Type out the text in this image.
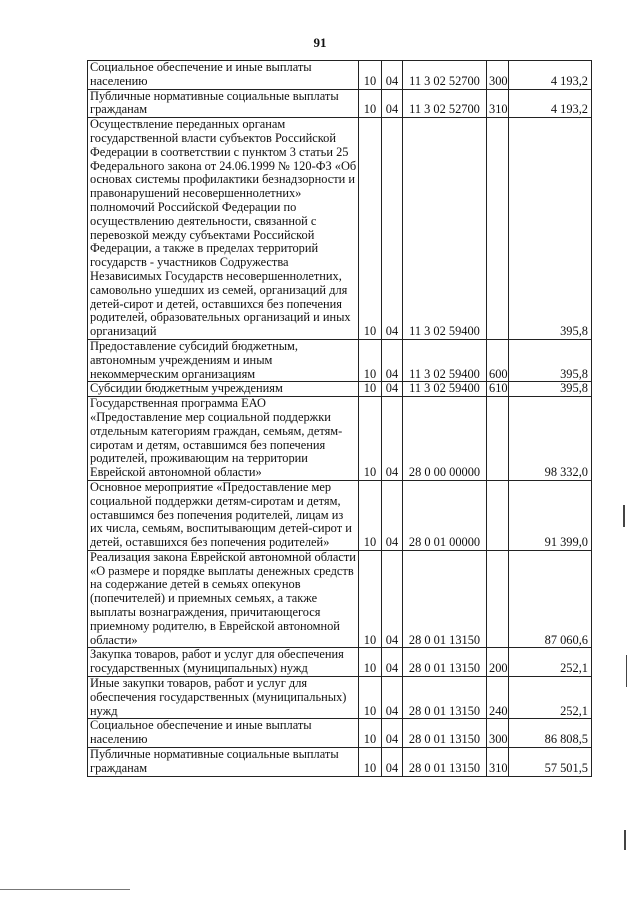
91
Социальное обеспечение и иные выплаты населению	10	04	11 3 02 52700	300	4 193,2
Публичные нормативные социальные выплаты гражданам	10	04	11 3 02 52700	310	4 193,2
Осуществление переданных органам государственной власти субъектов Российской Федерации в соответствии с пунктом 3 статьи 25 Федерального закона от 24.06.1999 № 120-ФЗ «Об основах системы профилактики безнадзорности и правонарушений несовершеннолетних» полномочий Российской Федерации по осуществлению деятельности, связанной с перевозкой между субъектами Российской Федерации, а также в пределах территорий государств - участников Содружества Независимых Государств несовершеннолетних, самовольно ушедших из семей, организаций для детей-сирот и детей, оставшихся без попечения родителей, образовательных организаций и иных организаций	10	04	11 3 02 59400		395,8
Предоставление субсидий бюджетным, автономным учреждениям и иным некоммерческим организациям	10	04	11 3 02 59400	600	395,8
Субсидии бюджетным учреждениям	10	04	11 3 02 59400	610	395,8
Государственная программа ЕАО «Предоставление мер социальной поддержки отдельным категориям граждан, семьям, детям-сиротам и детям, оставшимся без попечения родителей, проживающим на территории Еврейской автономной области»	10	04	28 0 00 00000		98 332,0
Основное мероприятие «Предоставление мер социальной поддержки детям-сиротам и детям, оставшимся без попечения родителей, лицам из их числа, семьям, воспитывающим детей-сирот и детей, оставшихся без попечения родителей»	10	04	28 0 01 00000		91 399,0
Реализация закона Еврейской автономной области «О размере и порядке выплаты денежных средств на содержание детей в семьях опекунов (попечителей) и приемных семьях, а также выплаты вознаграждения, причитающегося приемному родителю, в Еврейской автономной области»	10	04	28 0 01 13150		87 060,6
Закупка товаров, работ и услуг для обеспечения государственных (муниципальных) нужд	10	04	28 0 01 13150	200	252,1
Иные закупки товаров, работ и услуг для обеспечения государственных (муниципальных) нужд	10	04	28 0 01 13150	240	252,1
Социальное обеспечение и иные выплаты населению	10	04	28 0 01 13150	300	86 808,5
Публичные нормативные социальные выплаты гражданам	10	04	28 0 01 13150	310	57 501,5
